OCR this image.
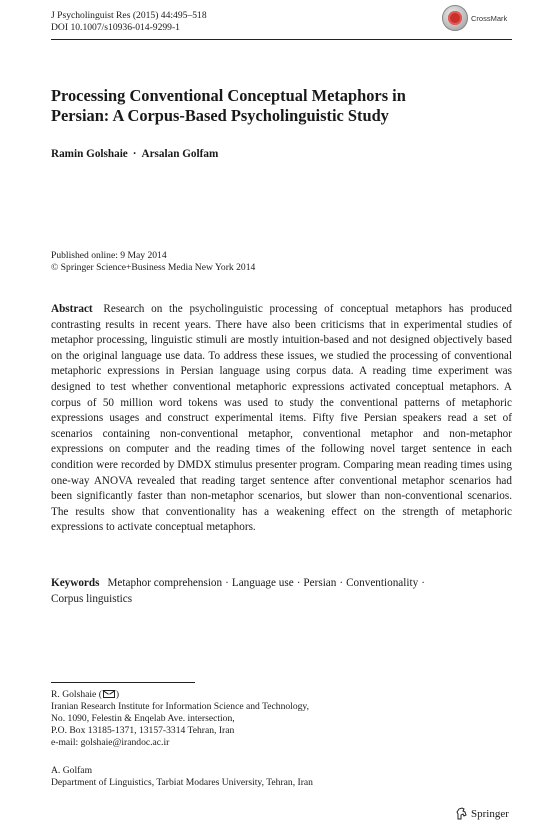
J Psycholinguist Res (2015) 44:495–518
DOI 10.1007/s10936-014-9299-1
CrossMark
Processing Conventional Conceptual Metaphors in
Persian: A Corpus-Based Psycholinguistic Study
Ramin Golshaie · Arsalan Golfam
Published online: 9 May 2014
© Springer Science+Business Media New York 2014

Abstract Research on the psycholinguistic processing of conceptual metaphors has produced contrasting results in recent years. There have also been criticisms that in experimental studies of metaphor processing, linguistic stimuli are mostly intuition-based and not designed objectively based on the original language use data. To address these issues, we studied the processing of conventional metaphoric expressions in Persian language using corpus data. A reading time experiment was designed to test whether conventional metaphoric expressions activated conceptual metaphors. A corpus of 50 million word tokens was used to study the conventional patterns of metaphoric expressions usages and construct experimental items. Fifty five Persian speakers read a set of scenarios containing non-conventional metaphor, conventional metaphor and non-metaphor expressions on computer and the reading times of the following novel target sentence in each condition were recorded by DMDX stimulus presenter program. Comparing mean reading times using one-way ANOVA revealed that reading target sentence after conventional metaphor scenarios had been significantly faster than non-metaphor scenarios, but slower than non-conventional scenarios. The results show that conventionality has a weakening effect on the strength of metaphoric expressions to activate conceptual metaphors.

Keywords Metaphor comprehension · Language use · Persian · Conventionality ·
Corpus linguistics
R. Golshaie ( )
Iranian Research Institute for Information Science and Technology,
No. 1090, Felestin & Enqelab Ave. intersection,
P.O. Box 13185-1371, 13157-3314 Tehran, Iran
e-mail: golshaie@irandoc.ac.ir
A. Golfam
Department of Linguistics, Tarbiat Modares University, Tehran, Iran
Springer
